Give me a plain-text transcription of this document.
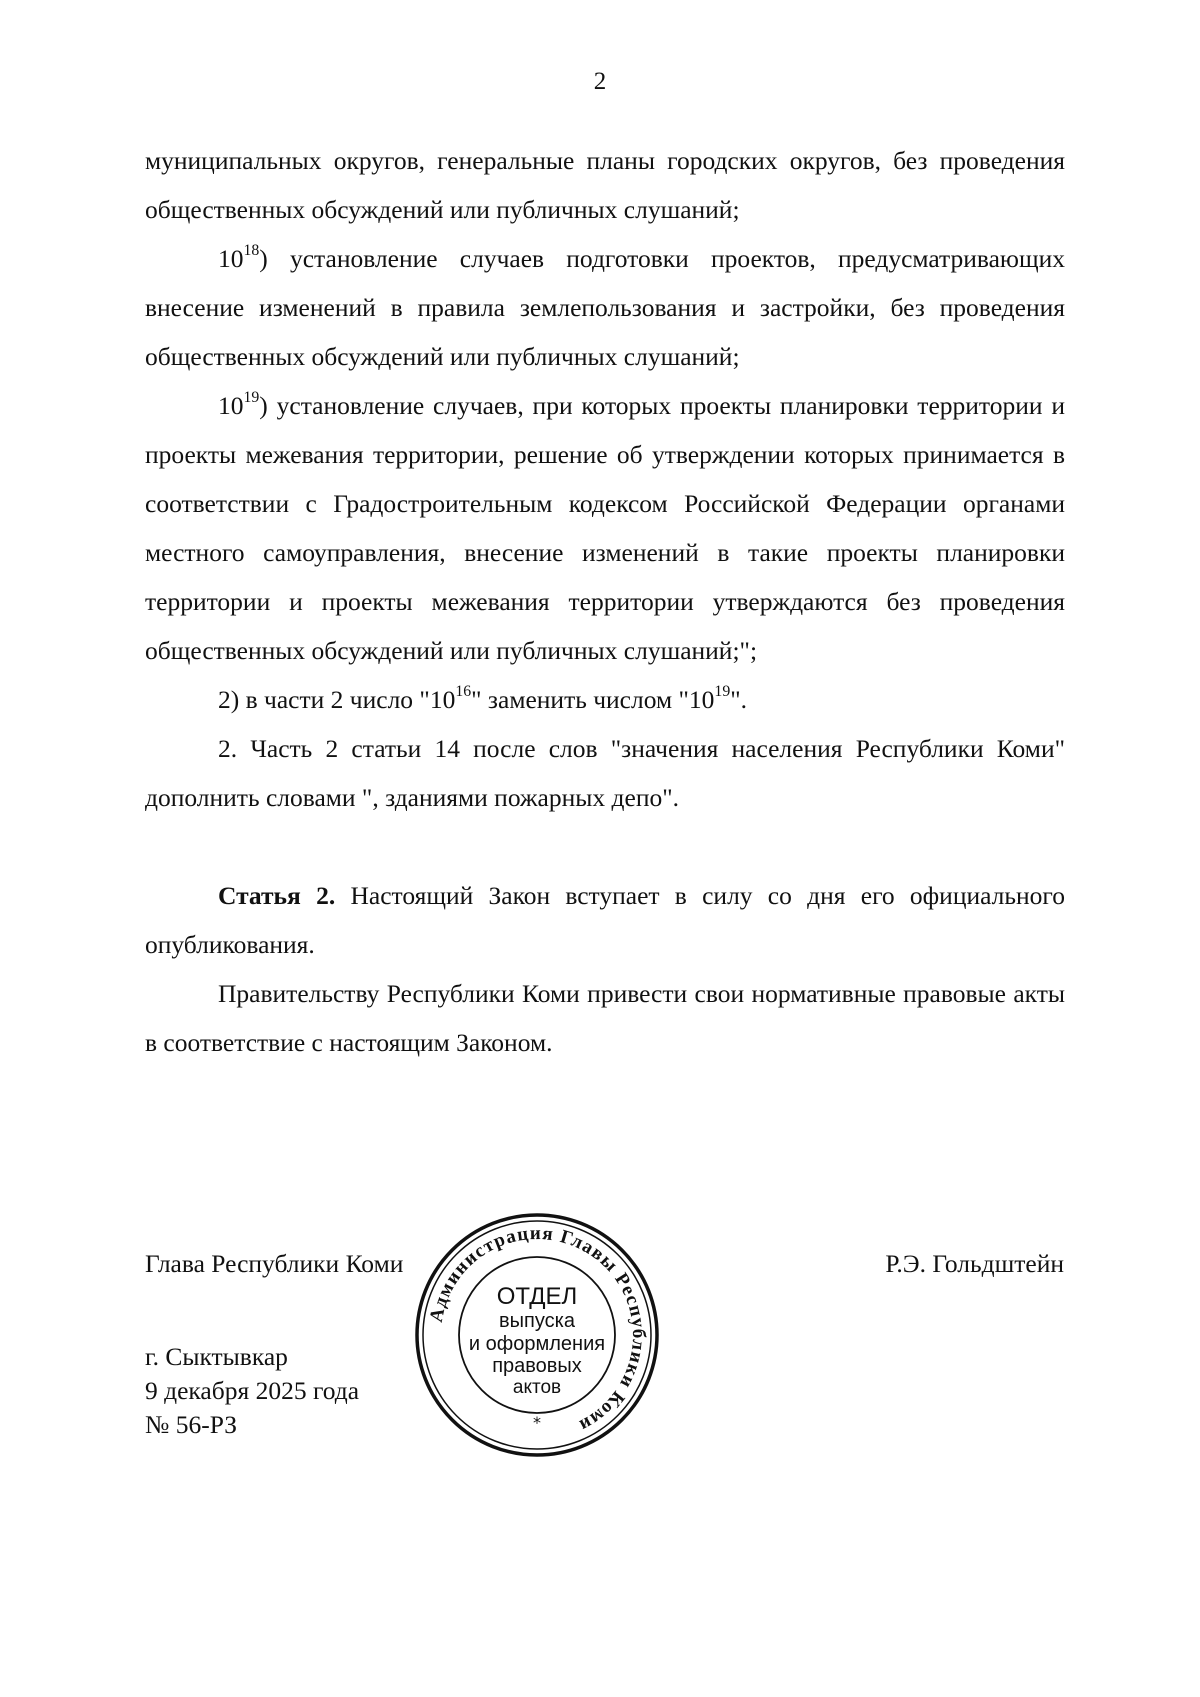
2

муниципальных округов, генеральные планы городских округов, без проведения общественных обсуждений или публичных слушаний;

$10^{18}$) установление случаев подготовки проектов, предусматривающих внесение изменений в правила землепользования и застройки, без проведения общественных обсуждений или публичных слушаний;

$10^{19}$) установление случаев, при которых проекты планировки территории и проекты межевания территории, решение об утверждении которых принимается в соответствии с Градостроительным кодексом Российской Федерации органами местного самоуправления, внесение изменений в такие проекты планировки территории и проекты межевания территории утверждаются без проведения общественных обсуждений или публичных слушаний;";

2) в части 2 число "$10^{16}$" заменить числом "$10^{19}$".

2. Часть 2 статьи 14 после слов "значения населения Республики Коми" дополнить словами ", зданиями пожарных депо".

Статья 2. Настоящий Закон вступает в силу со дня его официального опубликования.

Правительству Республики Коми привести свои нормативные правовые акты в соответствие с настоящим Законом.

Глава Республики Коми	Р.Э. Гольдштейн
г. Сыктывкар
9 декабря 2025 года
№ 56-РЗ
Администрация Главы Республики Коми
ОТДЕЛ
выпуска
и оформления
правовых
актов
*
